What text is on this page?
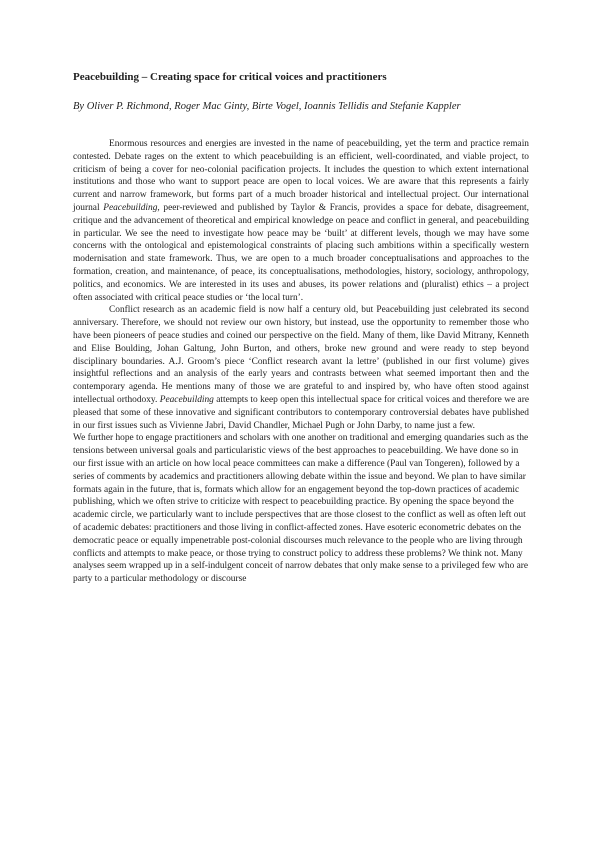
Peacebuilding – Creating space for critical voices and practitioners
By Oliver P. Richmond, Roger Mac Ginty, Birte Vogel, Ioannis Tellidis and Stefanie Kappler

Enormous resources and energies are invested in the name of peacebuilding, yet the term and practice remain contested. Debate rages on the extent to which peacebuilding is an efficient, well-coordinated, and viable project, to criticism of being a cover for neo-colonial pacification projects. It includes the question to which extent international institutions and those who want to support peace are open to local voices. We are aware that this represents a fairly current and narrow framework, but forms part of a much broader historical and intellectual project. Our international journal Peacebuilding, peer-reviewed and published by Taylor & Francis, provides a space for debate, disagreement, critique and the advancement of theoretical and empirical knowledge on peace and conflict in general, and peacebuilding in particular. We see the need to investigate how peace may be ‘built’ at different levels, though we may have some concerns with the ontological and epistemological constraints of placing such ambitions within a specifically western modernisation and state framework. Thus, we are open to a much broader conceptualisations and approaches to the formation, creation, and maintenance, of peace, its conceptualisations, methodologies, history, sociology, anthropology, politics, and economics. We are interested in its uses and abuses, its power relations and (pluralist) ethics – a project often associated with critical peace studies or ‘the local turn’.

Conflict research as an academic field is now half a century old, but Peacebuilding just celebrated its second anniversary. Therefore, we should not review our own history, but instead, use the opportunity to remember those who have been pioneers of peace studies and coined our perspective on the field. Many of them, like David Mitrany, Kenneth and Elise Boulding, Johan Galtung, John Burton, and others, broke new ground and were ready to step beyond disciplinary boundaries. A.J. Groom’s piece ‘Conflict research avant la lettre’ (published in our first volume) gives insightful reflections and an analysis of the early years and contrasts between what seemed important then and the contemporary agenda. He mentions many of those we are grateful to and inspired by, who have often stood against intellectual orthodoxy. Peacebuilding attempts to keep open this intellectual space for critical voices and therefore we are pleased that some of these innovative and significant contributors to contemporary controversial debates have published in our first issues such as Vivienne Jabri, David Chandler, Michael Pugh or John Darby, to name just a few.

We further hope to engage practitioners and scholars with one another on traditional and emerging quandaries such as the tensions between universal goals and particularistic views of the best approaches to peacebuilding. We have done so in our first issue with an article on how local peace committees can make a difference (Paul van Tongeren), followed by a series of comments by academics and practitioners allowing debate within the issue and beyond. We plan to have similar formats again in the future, that is, formats which allow for an engagement beyond the top-down practices of academic publishing, which we often strive to criticize with respect to peacebuilding practice. By opening the space beyond the academic circle, we particularly want to include perspectives that are those closest to the conflict as well as often left out of academic debates: practitioners and those living in conflict-affected zones. Have esoteric econometric debates on the democratic peace or equally impenetrable post-colonial discourses much relevance to the people who are living through conflicts and attempts to make peace, or those trying to construct policy to address these problems? We think not. Many analyses seem wrapped up in a self-indulgent conceit of narrow debates that only make sense to a privileged few who are party to a particular methodology or discourse
